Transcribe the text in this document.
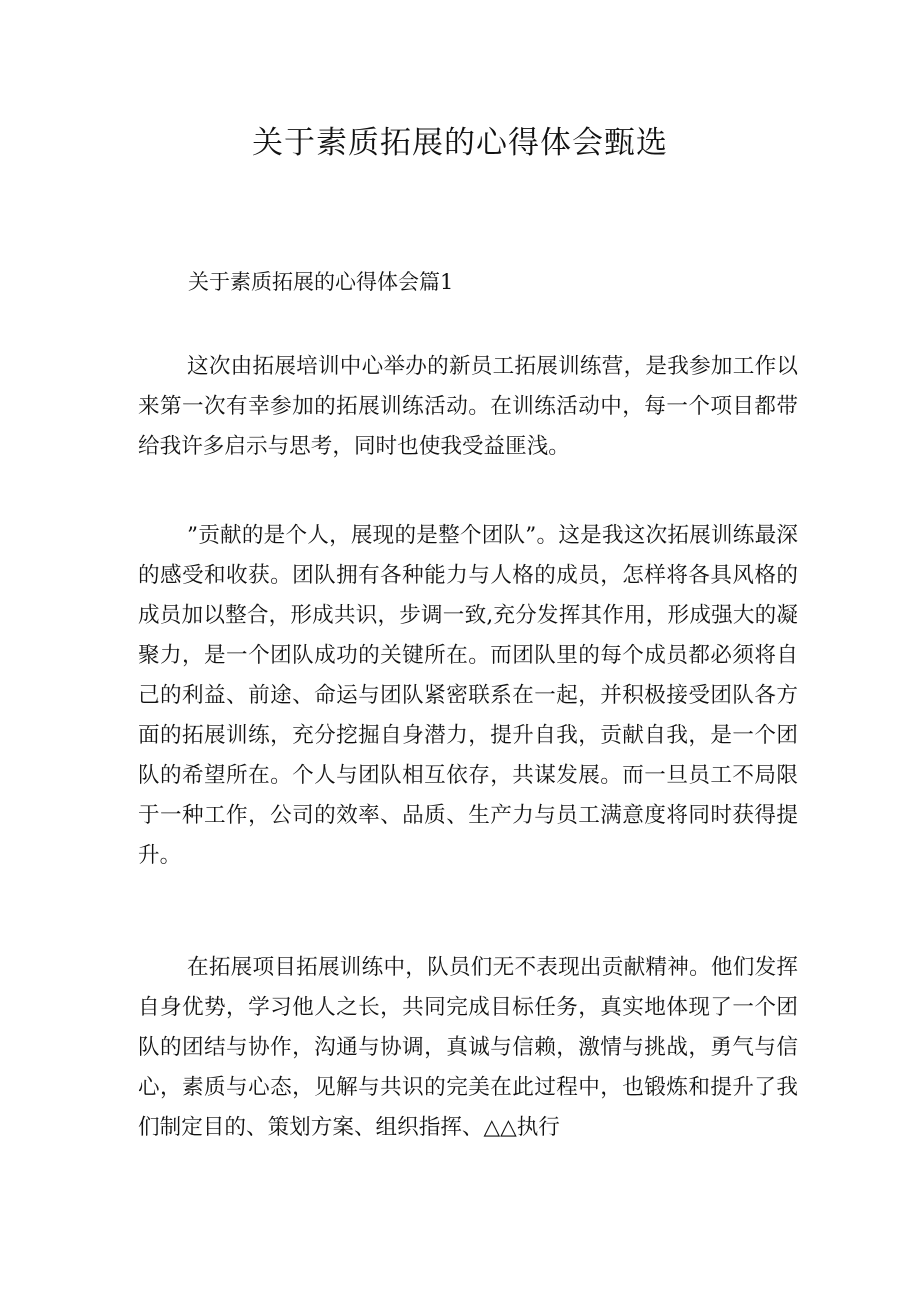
关于素质拓展的心得体会甄选
关于素质拓展的心得体会篇1

这次由拓展培训中心举办的新员工拓展训练营，是我参加工作以来第一次有幸参加的拓展训练活动。在训练活动中，每一个项目都带给我许多启示与思考，同时也使我受益匪浅。

”贡献的是个人，展现的是整个团队”。这是我这次拓展训练最深的感受和收获。团队拥有各种能力与人格的成员，怎样将各具风格的成员加以整合，形成共识，步调一致,充分发挥其作用，形成强大的凝聚力，是一个团队成功的关键所在。而团队里的每个成员都必须将自己的利益、前途、命运与团队紧密联系在一起，并积极接受团队各方面的拓展训练，充分挖掘自身潜力，提升自我，贡献自我，是一个团队的希望所在。个人与团队相互依存，共谋发展。而一旦员工不局限于一种工作，公司的效率、品质、生产力与员工满意度将同时获得提升。

在拓展项目拓展训练中，队员们无不表现出贡献精神。他们发挥自身优势，学习他人之长，共同完成目标任务，真实地体现了一个团队的团结与协作，沟通与协调，真诚与信赖，激情与挑战，勇气与信心，素质与心态，见解与共识的完美在此过程中，也锻炼和提升了我们制定目的、策划方案、组织指挥、△△执行
